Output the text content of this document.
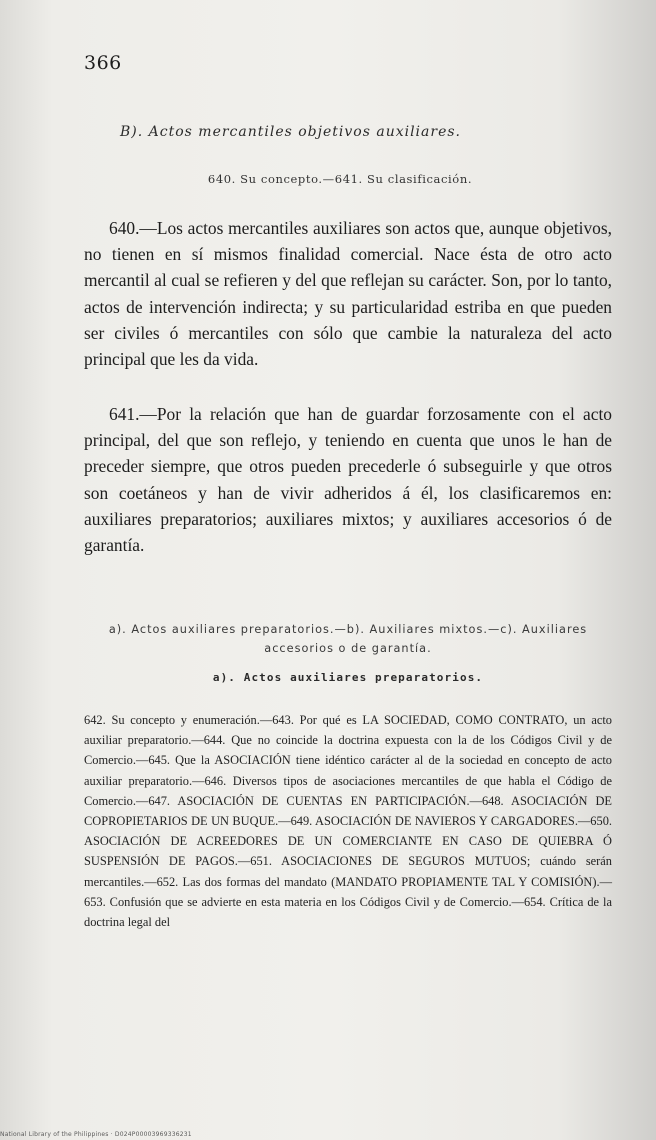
366
B). Actos mercantiles objetivos auxiliares.
640. Su concepto.—641. Su clasificación.

640.—Los actos mercantiles auxiliares son actos que, aunque objetivos, no tienen en sí mismos finalidad comercial. Nace ésta de otro acto mercantil al cual se refieren y del que reflejan su carácter. Son, por lo tanto, actos de intervención indirecta; y su particularidad estriba en que pueden ser civiles ó mercantiles con sólo que cambie la naturaleza del acto principal que les da vida.

641.—Por la relación que han de guardar forzosamente con el acto principal, del que son reflejo, y teniendo en cuenta que unos le han de preceder siempre, que otros pueden precederle ó subseguirle y que otros son coetáneos y han de vivir adheridos á él, los clasificaremos en: auxiliares preparatorios; auxiliares mixtos; y auxiliares accesorios ó de garantía.

a). Actos auxiliares preparatorios.—b). Auxiliares mixtos.—c). Auxiliares accesorios o de garantía.
a). Actos auxiliares preparatorios.

642. Su concepto y enumeración.—643. Por qué es LA SOCIEDAD, COMO CONTRATO, un acto auxiliar preparatorio.—644. Que no coincide la doctrina expuesta con la de los Códigos Civil y de Comercio.—645. Que la ASOCIACIÓN tiene idéntico carácter al de la sociedad en concepto de acto auxiliar preparatorio.—646. Diversos tipos de asociaciones mercantiles de que habla el Código de Comercio.—647. ASOCIACIÓN DE CUENTAS EN PARTICIPACIÓN.—648. ASOCIACIÓN DE COPROPIETARIOS DE UN BUQUE.—649. ASOCIACIÓN DE NAVIEROS Y CARGADORES.—650. ASOCIACIÓN DE ACREEDORES DE UN COMERCIANTE EN CASO DE QUIEBRA Ó SUSPENSIÓN DE PAGOS.—651. ASOCIACIONES DE SEGUROS MUTUOS; cuándo serán mercantiles.—652. Las dos formas del mandato (MANDATO PROPIAMENTE TAL Y COMISIÓN).—653. Confusión que se advierte en esta materia en los Códigos Civil y de Comercio.—654. Crítica de la doctrina legal del

National Library of the Philippines · D024P00003969336231
